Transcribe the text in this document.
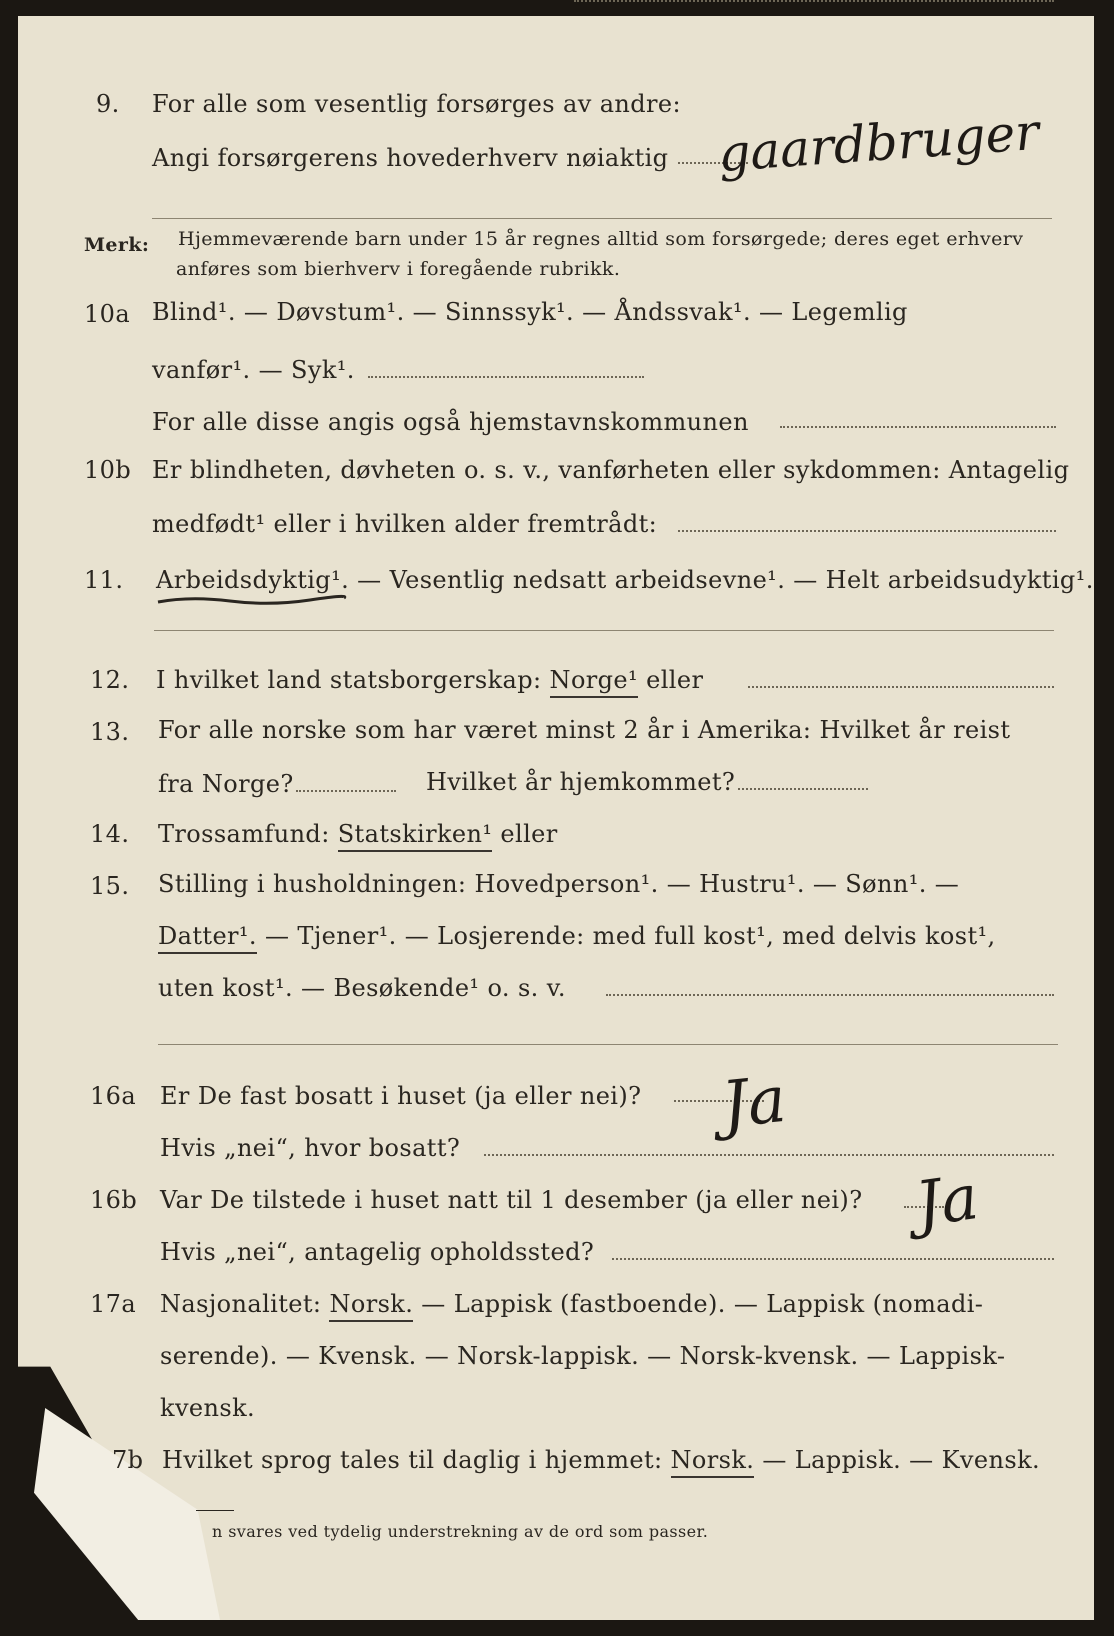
9. For alle som vesentlig forsørges av andre:
Angi forsørgerens hovederhverv nøiaktig gaardbruger
Merk: Hjemmeværende barn under 15 år regnes alltid som forsørgede; deres eget erhverv
anføres som bierhverv i foregående rubrikk.
10a Blind¹. — Døvstum¹. — Sinnssyk¹. — Åndssvak¹. — Legemlig
vanfør¹. — Syk¹.
For alle disse angis også hjemstavnskommunen
10b Er blindheten, døvheten o. s. v., vanførheten eller sykdommen: Antagelig
medfødt¹ eller i hvilken alder fremtrådt:
11. Arbeidsdyktig¹. — Vesentlig nedsatt arbeidsevne¹. — Helt arbeidsudyktig¹.
12. I hvilket land statsborgerskap: Norge¹ eller
13. For alle norske som har været minst 2 år i Amerika: Hvilket år reist
fra Norge?	Hvilket år hjemkommet?
14. Trossamfund: Statskirken¹ eller
15. Stilling i husholdningen: Hovedperson¹. — Hustru¹. — Sønn¹. —
Datter¹. — Tjener¹. — Losjerende: med full kost¹, med delvis kost¹,
uten kost¹. — Besøkende¹ o. s. v.
16a Er De fast bosatt i huset (ja eller nei)? Ja
Hvis „nei“, hvor bosatt?
16b Var De tilstede i huset natt til 1 desember (ja eller nei)? Ja
Hvis „nei“, antagelig opholdssted?
17a Nasjonalitet: Norsk. — Lappisk (fastboende). — Lappisk (nomadi-
serende). — Kvensk. — Norsk-lappisk. — Norsk-kvensk. — Lappisk-
kvensk.
7b Hvilket sprog tales til daglig i hjemmet: Norsk. — Lappisk. — Kvensk.
n svares ved tydelig understrekning av de ord som passer.
